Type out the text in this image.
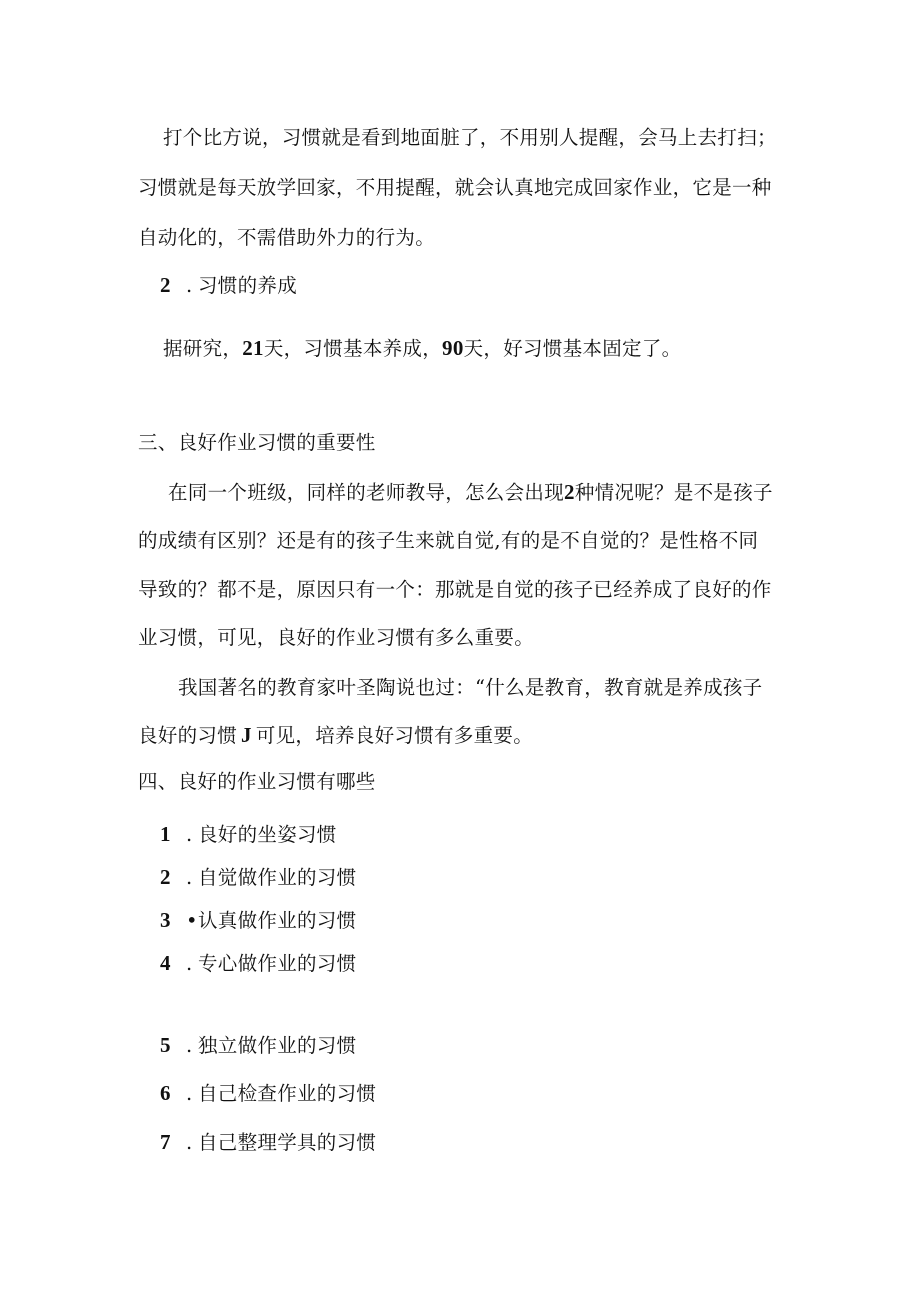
打个比方说，习惯就是看到地面脏了，不用别人提醒，会马上去打扫；
习惯就是每天放学回家，不用提醒，就会认真地完成回家作业，它是一种
自动化的，不需借助外力的行为。
2 . 习惯的养成
据研究，21天，习惯基本养成，90天，好习惯基本固定了。
三、良好作业习惯的重要性
在同一个班级，同样的老师教导，怎么会出现2种情况呢？是不是孩子
的成绩有区别？还是有的孩子生来就自觉,有的是不自觉的？是性格不同
导致的？都不是，原因只有一个：那就是自觉的孩子已经养成了良好的作
业习惯，可见，良好的作业习惯有多么重要。
我国著名的教育家叶圣陶说也过：“什么是教育，教育就是养成孩子
良好的习惯 J 可见，培养良好习惯有多重要。
四、良好的作业习惯有哪些
1 . 良好的坐姿习惯
2 . 自觉做作业的习惯
3 •认真做作业的习惯
4 . 专心做作业的习惯
5 . 独立做作业的习惯
6 . 自己检查作业的习惯
7 . 自己整理学具的习惯
